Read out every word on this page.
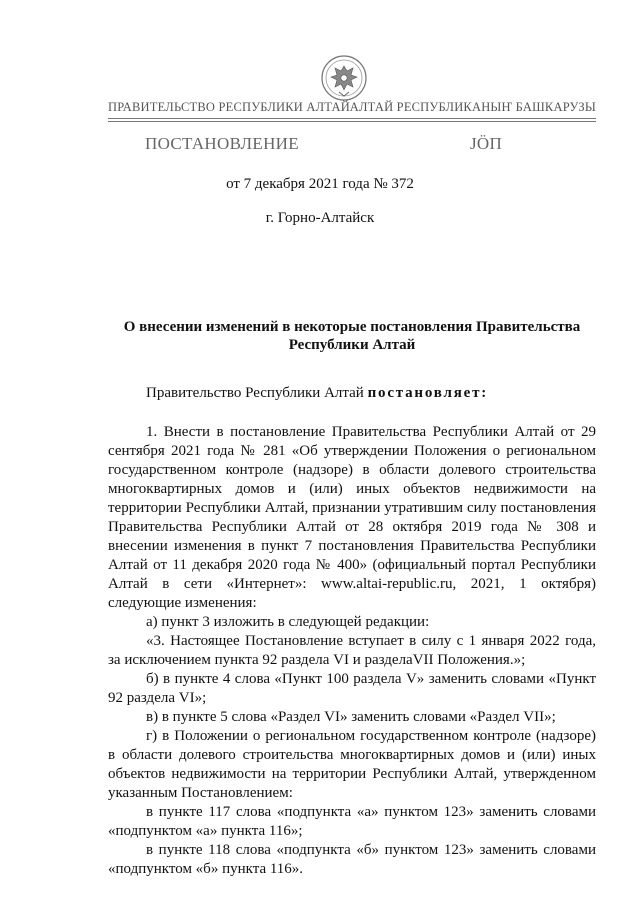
ПРАВИТЕЛЬСТВО РЕСПУБЛИКИ АЛТАЙ АЛТАЙ РЕСПУБЛИКАНЫҤ БАШКАРУЗЫ
ПОСТАНОВЛЕНИЕ	ЈÖП
от 7 декабря 2021 года № 372
г. Горно-Алтайск
О внесении изменений в некоторые постановления Правительства
Республики Алтай

Правительство Республики Алтай постановляет:

1. Внести в постановление Правительства Республики Алтай от 29 сентября 2021 года № 281 «Об утверждении Положения о региональном государственном контроле (надзоре) в области долевого строительства многоквартирных домов и (или) иных объектов недвижимости на территории Республики Алтай, признании утратившим силу постановления Правительства Республики Алтай от 28 октября 2019 года № 308 и внесении изменения в пункт 7 постановления Правительства Республики Алтай от 11 декабря 2020 года № 400» (официальный портал Республики Алтай в сети «Интернет»: www.altai-republic.ru, 2021, 1 октября) следующие изменения:

а) пункт 3 изложить в следующей редакции:

«3. Настоящее Постановление вступает в силу с 1 января 2022 года, за исключением пункта 92 раздела VI и разделаVII Положения.»;

б) в пункте 4 слова «Пункт 100 раздела V» заменить словами «Пункт 92 раздела VI»;

в) в пункте 5 слова «Раздел VI» заменить словами «Раздел VII»;

г) в Положении о региональном государственном контроле (надзоре) в области долевого строительства многоквартирных домов и (или) иных объектов недвижимости на территории Республики Алтай, утвержденном указанным Постановлением:

в пункте 117 слова «подпункта «а» пунктом 123» заменить словами «подпунктом «а» пункта 116»;

в пункте 118 слова «подпункта «б» пунктом 123» заменить словами «подпунктом «б» пункта 116».
